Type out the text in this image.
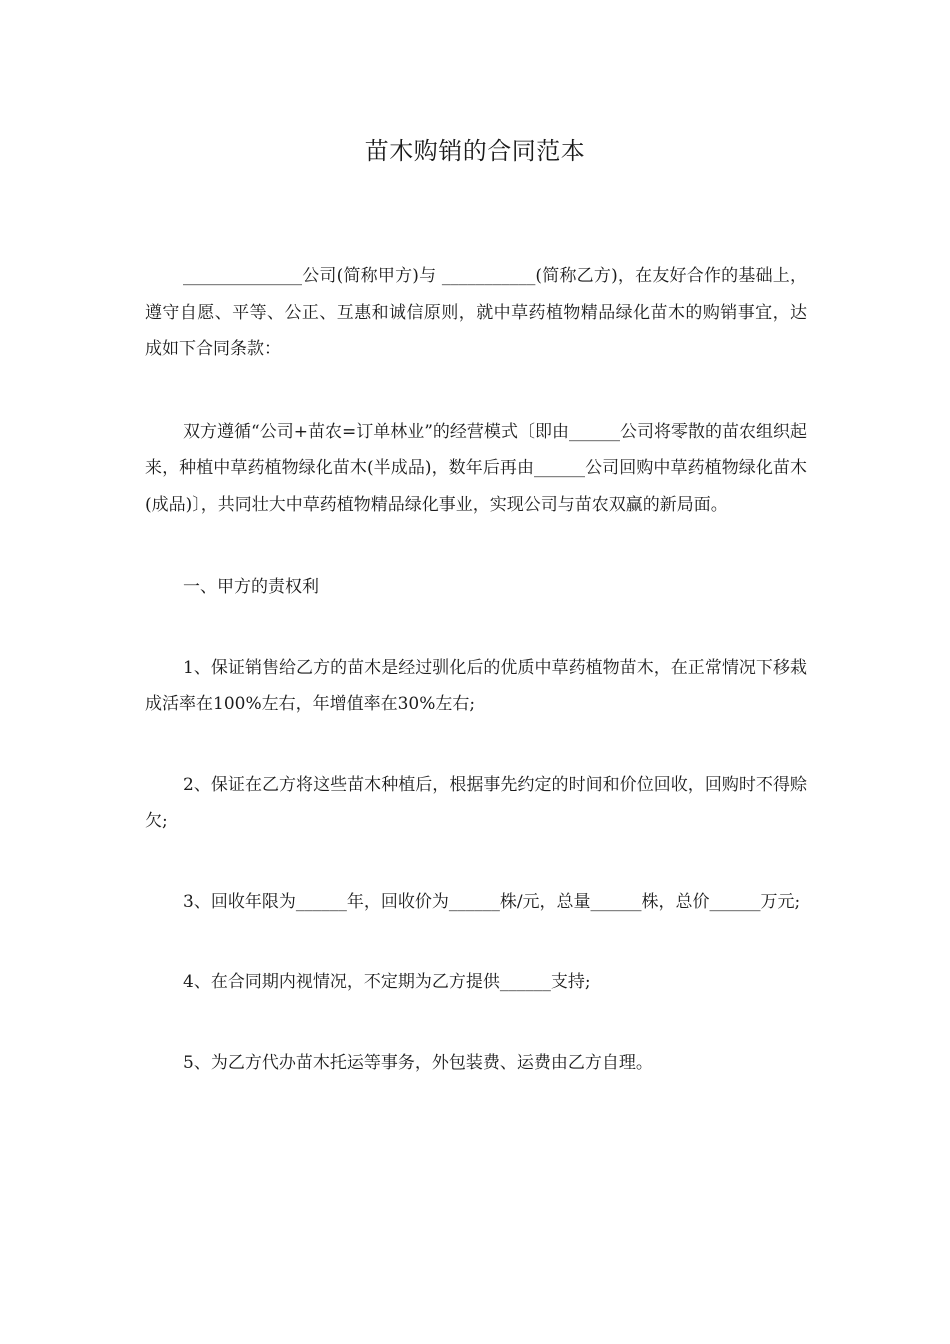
苗木购销的合同范本

______________公司(简称甲方)与 ___________(简称乙方)，在友好合作的基础上，遵守自愿、平等、公正、互惠和诚信原则，就中草药植物精品绿化苗木的购销事宜，达成如下合同条款：

双方遵循“公司+苗农=订单林业”的经营模式〔即由______公司将零散的苗农组织起来，种植中草药植物绿化苗木(半成品)，数年后再由______公司回购中草药植物绿化苗木(成品)〕，共同壮大中草药植物精品绿化事业，实现公司与苗农双赢的新局面。

一、甲方的责权利

1、保证销售给乙方的苗木是经过驯化后的优质中草药植物苗木，在正常情况下移栽成活率在100%左右，年增值率在30%左右;

2、保证在乙方将这些苗木种植后，根据事先约定的时间和价位回收，回购时不得赊欠;

3、回收年限为______年，回收价为______株/元，总量______株，总价______万元;

4、在合同期内视情况，不定期为乙方提供______支持;

5、为乙方代办苗木托运等事务，外包装费、运费由乙方自理。
